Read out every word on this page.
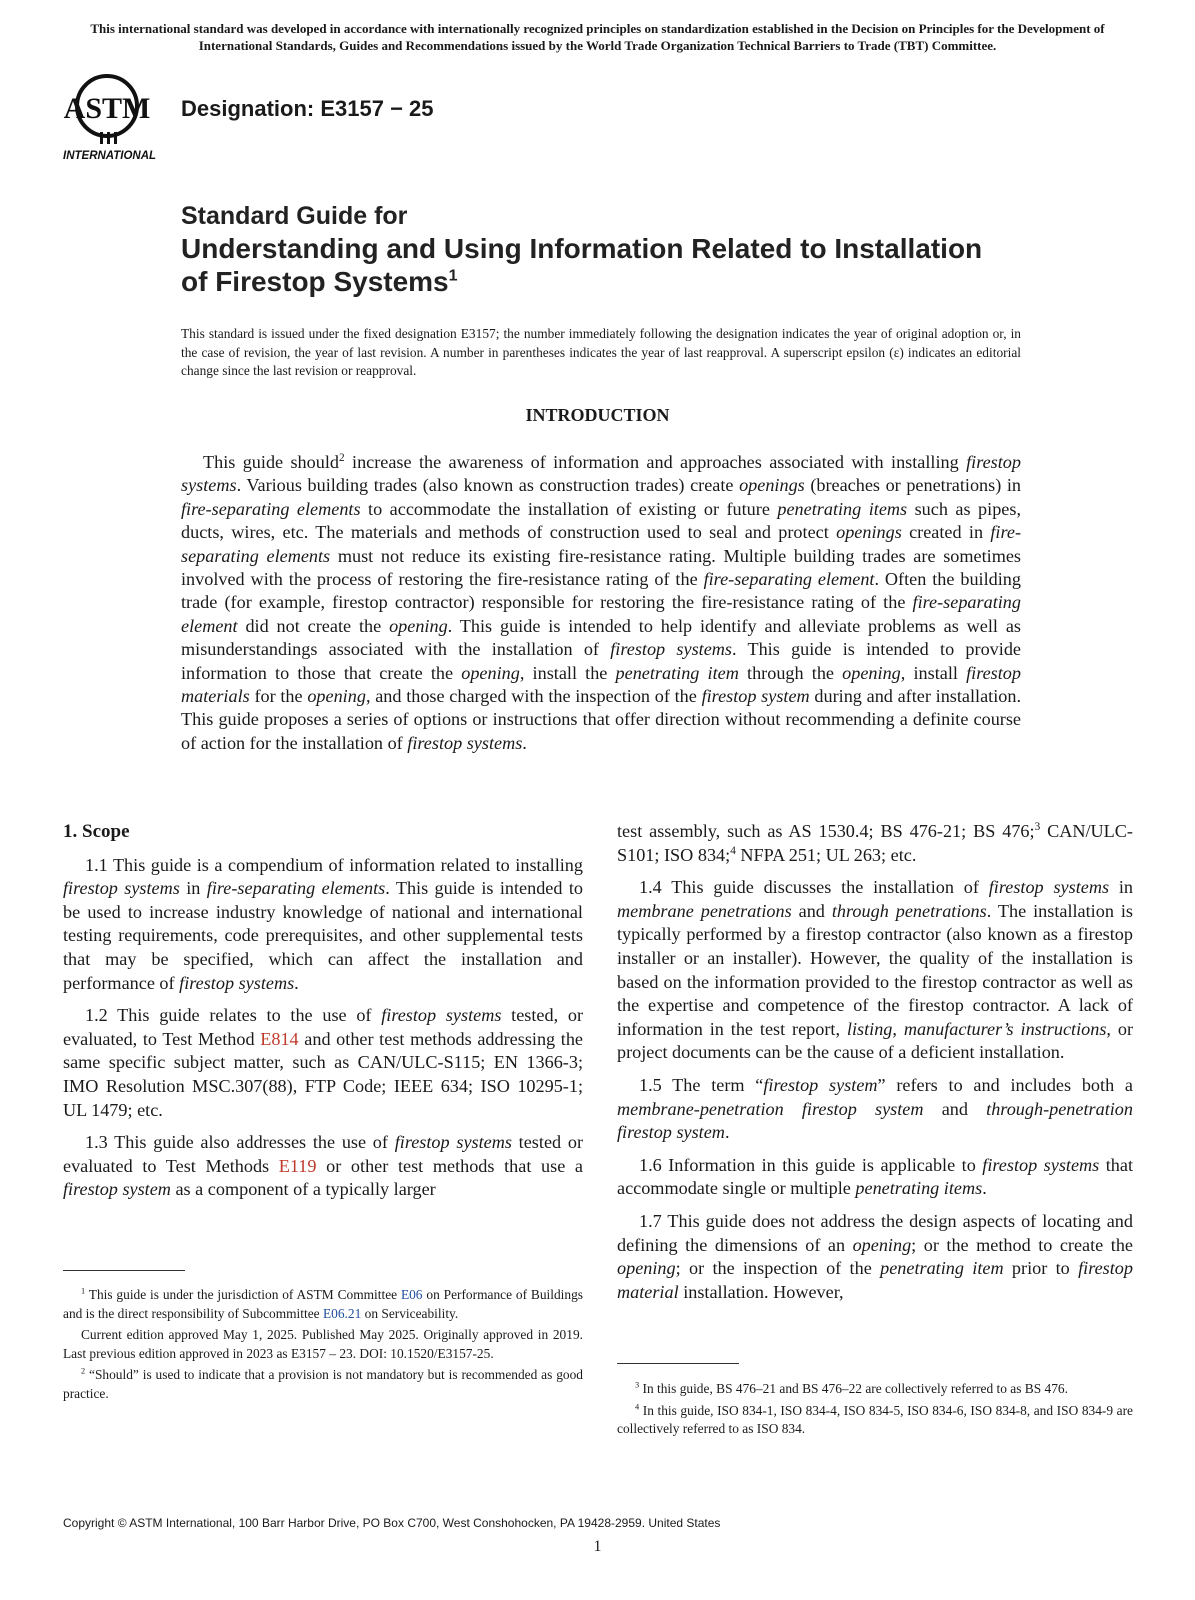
This international standard was developed in accordance with internationally recognized principles on standardization established in the Decision on Principles for the Development of International Standards, Guides and Recommendations issued by the World Trade Organization Technical Barriers to Trade (TBT) Committee.
ASTM
INTERNATIONAL
Designation: E3157 − 25
Standard Guide for
Understanding and Using Information Related to Installation
of Firestop Systems$^1$
This standard is issued under the fixed designation E3157; the number immediately following the designation indicates the year of original adoption or, in the case of revision, the year of last revision. A number in parentheses indicates the year of last reapproval. A superscript epsilon (ε) indicates an editorial change since the last revision or reapproval.
INTRODUCTION
This guide should$^2$ increase the awareness of information and approaches associated with installing firestop systems. Various building trades (also known as construction trades) create openings (breaches or penetrations) in fire-separating elements to accommodate the installation of existing or future penetrating items such as pipes, ducts, wires, etc. The materials and methods of construction used to seal and protect openings created in fire-separating elements must not reduce its existing fire-resistance rating. Multiple building trades are sometimes involved with the process of restoring the fire-resistance rating of the fire-separating element. Often the building trade (for example, firestop contractor) responsible for restoring the fire-resistance rating of the fire-separating element did not create the opening. This guide is intended to help identify and alleviate problems as well as misunderstandings associated with the installation of firestop systems. This guide is intended to provide information to those that create the opening, install the penetrating item through the opening, install firestop materials for the opening, and those charged with the inspection of the firestop system during and after installation. This guide proposes a series of options or instructions that offer direction without recommending a definite course of action for the installation of firestop systems.
1. Scope

1.1 This guide is a compendium of information related to installing firestop systems in fire-separating elements. This guide is intended to be used to increase industry knowledge of national and international testing requirements, code prerequisites, and other supplemental tests that may be specified, which can affect the installation and performance of firestop systems.

1.2 This guide relates to the use of firestop systems tested, or evaluated, to Test Method E814 and other test methods addressing the same specific subject matter, such as CAN/ULC-S115; EN 1366-3; IMO Resolution MSC.307(88), FTP Code; IEEE 634; ISO 10295-1; UL 1479; etc.

1.3 This guide also addresses the use of firestop systems tested or evaluated to Test Methods E119 or other test methods that use a firestop system as a component of a typically larger

test assembly, such as AS 1530.4; BS 476-21; BS 476;$^3$ CAN/ULC-S101; ISO 834;$^4$ NFPA 251; UL 263; etc.

1.4 This guide discusses the installation of firestop systems in membrane penetrations and through penetrations. The installation is typically performed by a firestop contractor (also known as a firestop installer or an installer). However, the quality of the installation is based on the information provided to the firestop contractor as well as the expertise and competence of the firestop contractor. A lack of information in the test report, listing, manufacturer’s instructions, or project documents can be the cause of a deficient installation.

1.5 The term “firestop system” refers to and includes both a membrane-penetration firestop system and through-penetration firestop system.

1.6 Information in this guide is applicable to firestop systems that accommodate single or multiple penetrating items.

1.7 This guide does not address the design aspects of locating and defining the dimensions of an opening; or the method to create the opening; or the inspection of the penetrating item prior to firestop material installation. However,

$^1$ This guide is under the jurisdiction of ASTM Committee E06 on Performance of Buildings and is the direct responsibility of Subcommittee E06.21 on Serviceability.

Current edition approved May 1, 2025. Published May 2025. Originally approved in 2019. Last previous edition approved in 2023 as E3157 – 23. DOI: 10.1520/E3157-25.

$^2$ “Should” is used to indicate that a provision is not mandatory but is recommended as good practice.

$^3$ In this guide, BS 476–21 and BS 476–22 are collectively referred to as BS 476.

$^4$ In this guide, ISO 834-1, ISO 834-4, ISO 834-5, ISO 834-6, ISO 834-8, and ISO 834-9 are collectively referred to as ISO 834.

Copyright © ASTM International, 100 Barr Harbor Drive, PO Box C700, West Conshohocken, PA 19428-2959. United States
1
